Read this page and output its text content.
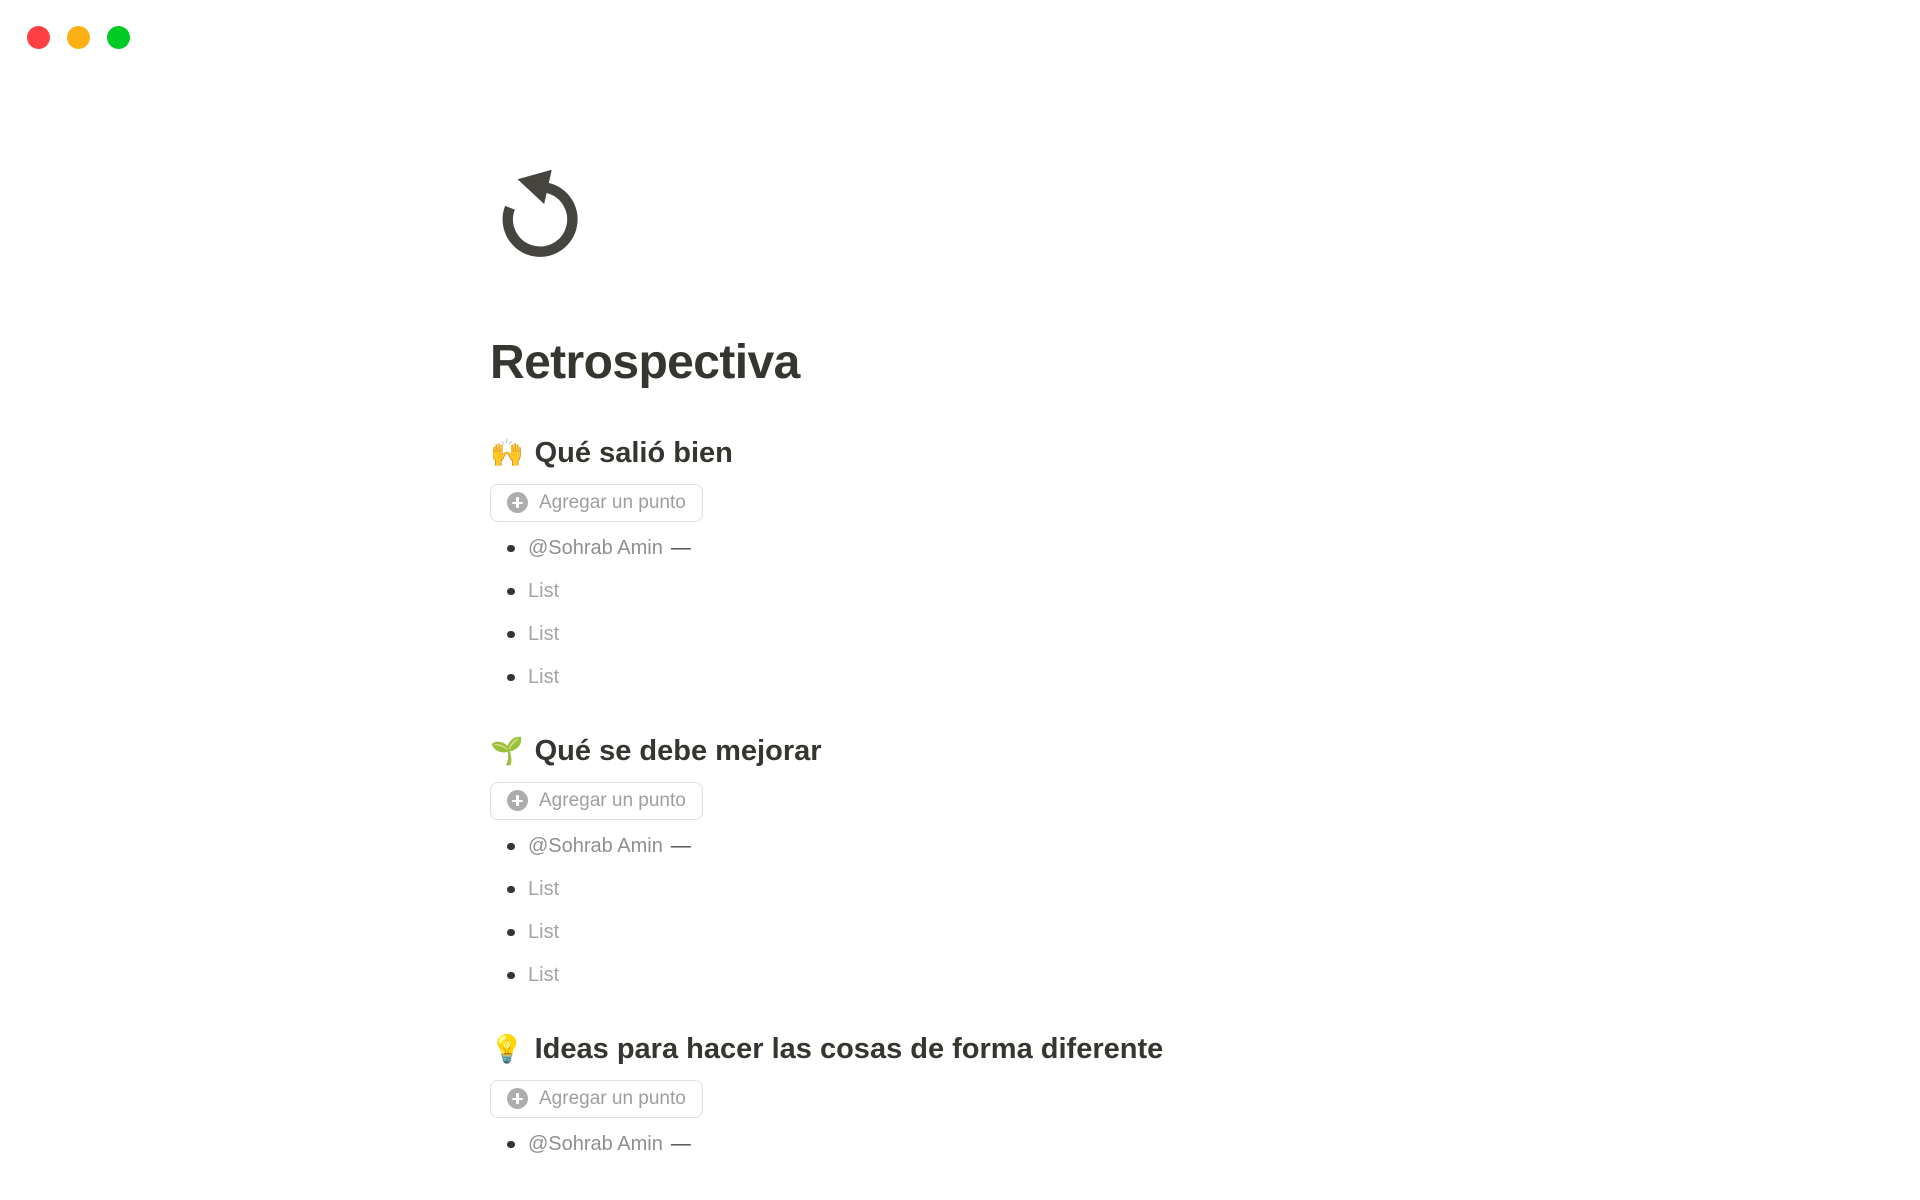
Retrospectiva
🙌 Qué salió bien
Agregar un punto
@Sohrab Amin —
List
List
List
🌱 Qué se debe mejorar
Agregar un punto
@Sohrab Amin —
List
List
List
💡 Ideas para hacer las cosas de forma diferente
Agregar un punto
@Sohrab Amin —
